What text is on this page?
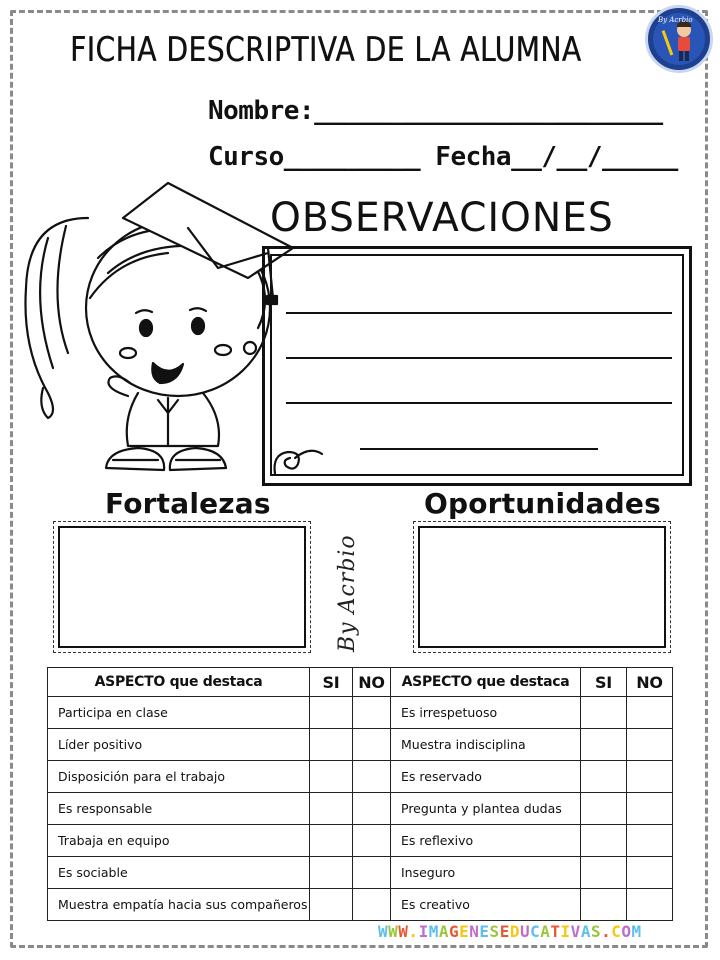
FICHA DESCRIPTIVA DE LA ALUMNA
By Acrbio
Nombre:_______________________
Curso_________ Fecha__/__/_____
OBSERVACIONES
Fortalezas	Oportunidades
By Acrbio
ASPECTO que destaca	SI	NO	ASPECTO que destaca	SI	NO
Participa en clase			Es irrespetuoso		
Líder positivo			Muestra indisciplina		
Disposición para el trabajo			Es reservado		
Es responsable			Pregunta y plantea dudas		
Trabaja en equipo			Es reflexivo		
Es sociable			Inseguro		
Muestra empatía hacia sus compañeros			Es creativo		
WWW.IMAGENESEDUCATIVAS.COM
